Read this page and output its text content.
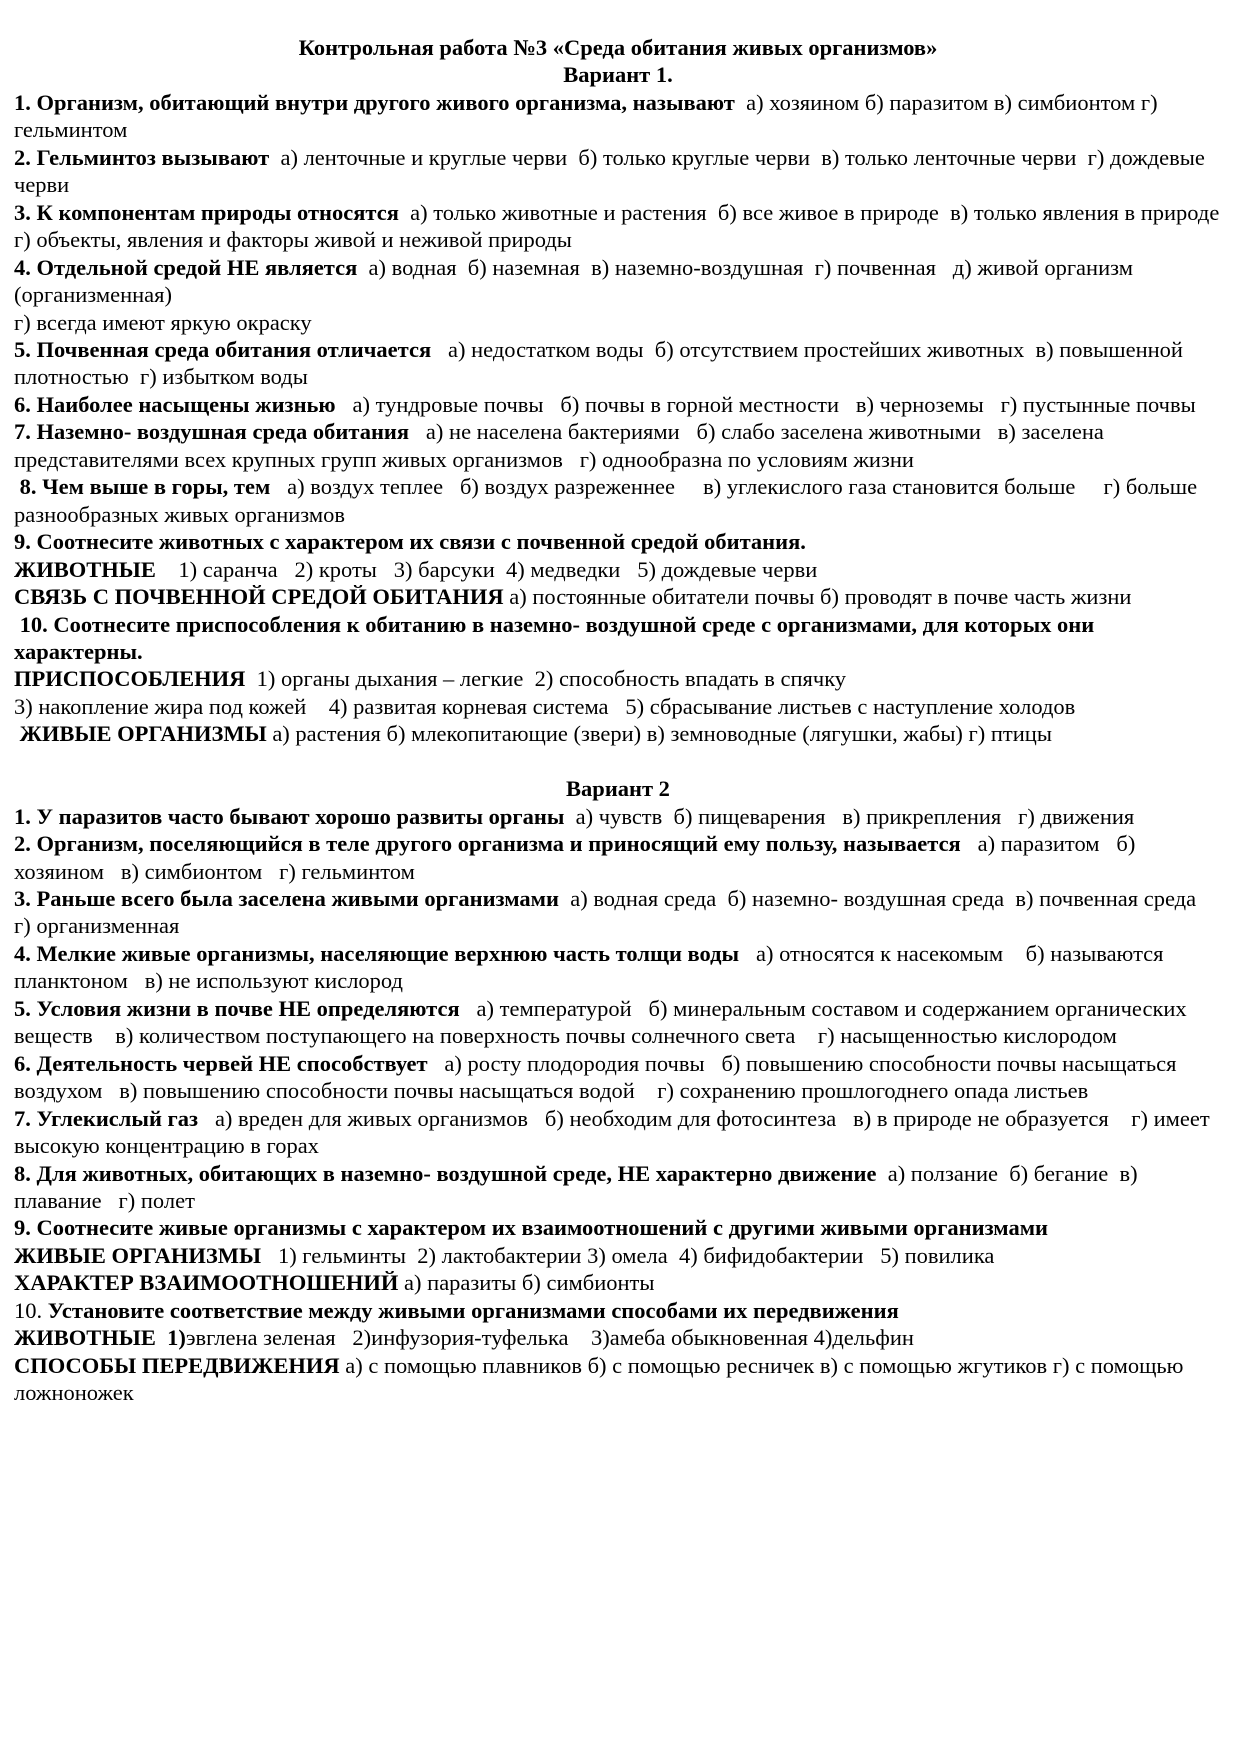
Контрольная работа №3 «Среда обитания живых организмов»
Вариант 1.

1. Организм, обитающий внутри другого живого организма, называют  а) хозяином б) паразитом в) симбионтом г) гельминтом

2. Гельминтоз вызывают  а) ленточные и круглые черви  б) только круглые черви  в) только ленточные черви  г) дождевые черви

3. К компонентам природы относятся  а) только животные и растения  б) все живое в природе  в) только явления в природе   г) объекты, явления и факторы живой и неживой природы

4. Отдельной средой НЕ является  а) водная  б) наземная  в) наземно-воздушная  г) почвенная   д) живой организм (организменная)

г) всегда имеют яркую окраску

5. Почвенная среда обитания отличается   а) недостатком воды  б) отсутствием простейших животных  в) повышенной плотностью  г) избытком воды

6. Наиболее насыщены жизнью   а) тундровые почвы   б) почвы в горной местности   в) черноземы   г) пустынные почвы

7. Наземно- воздушная среда обитания   а) не населена бактериями   б) слабо заселена животными   в) заселена представителями всех крупных групп живых организмов   г) однообразна по условиям жизни

8. Чем выше в горы, тем   а) воздух теплее   б) воздух разреженнее     в) углекислого газа становится больше     г) больше разнообразных живых организмов

9. Соотнесите животных с характером их связи с почвенной средой обитания.

ЖИВОТНЫЕ    1) саранча   2) кроты   3) барсуки  4) медведки   5) дождевые черви

СВЯЗЬ С ПОЧВЕННОЙ СРЕДОЙ ОБИТАНИЯ а) постоянные обитатели почвы б) проводят в почве часть жизни

10. Соотнесите приспособления к обитанию в наземно- воздушной среде с организмами, для которых они характерны.

ПРИСПОСОБЛЕНИЯ  1) органы дыхания – легкие  2) способность впадать в спячку

3) накопление жира под кожей    4) развитая корневая система   5) сбрасывание листьев с наступление холодов

ЖИВЫЕ ОРГАНИЗМЫ а) растения б) млекопитающие (звери) в) земноводные (лягушки, жабы) г) птицы

Вариант 2

1. У паразитов часто бывают хорошо развиты органы  а) чувств  б) пищеварения   в) прикрепления   г) движения

2. Организм, поселяющийся в теле другого организма и приносящий ему пользу, называется   а) паразитом   б) хозяином   в) симбионтом   г) гельминтом

3. Раньше всего была заселена живыми организмами  а) водная среда  б) наземно- воздушная среда  в) почвенная среда  г) организменная

4. Мелкие живые организмы, населяющие верхнюю часть толщи воды   а) относятся к насекомым    б) называются планктоном   в) не используют кислород

5. Условия жизни в почве НЕ определяются   а) температурой   б) минеральным составом и содержанием органических веществ    в) количеством поступающего на поверхность почвы солнечного света    г) насыщенностью кислородом

6. Деятельность червей НЕ способствует   а) росту плодородия почвы   б) повышению способности почвы насыщаться воздухом   в) повышению способности почвы насыщаться водой    г) сохранению прошлогоднего опада листьев

7. Углекислый газ   а) вреден для живых организмов   б) необходим для фотосинтеза   в) в природе не образуется    г) имеет высокую концентрацию в горах

8. Для животных, обитающих в наземно- воздушной среде, НЕ характерно движение  а) ползание  б) бегание  в) плавание   г) полет

9. Соотнесите живые организмы с характером их взаимоотношений с другими живыми организмами

ЖИВЫЕ ОРГАНИЗМЫ   1) гельминты  2) лактобактерии 3) омела  4) бифидобактерии   5) повилика

ХАРАКТЕР ВЗАИМООТНОШЕНИЙ а) паразиты б) симбионты

10. Установите соответствие между живыми организмами способами их передвижения

ЖИВОТНЫЕ  1)эвглена зеленая   2)инфузория-туфелька    3)амеба обыкновенная 4)дельфин

СПОСОБЫ ПЕРЕДВИЖЕНИЯ а) с помощью плавников б) с помощью ресничек в) с помощью жгутиков г) с помощью ложноножек
